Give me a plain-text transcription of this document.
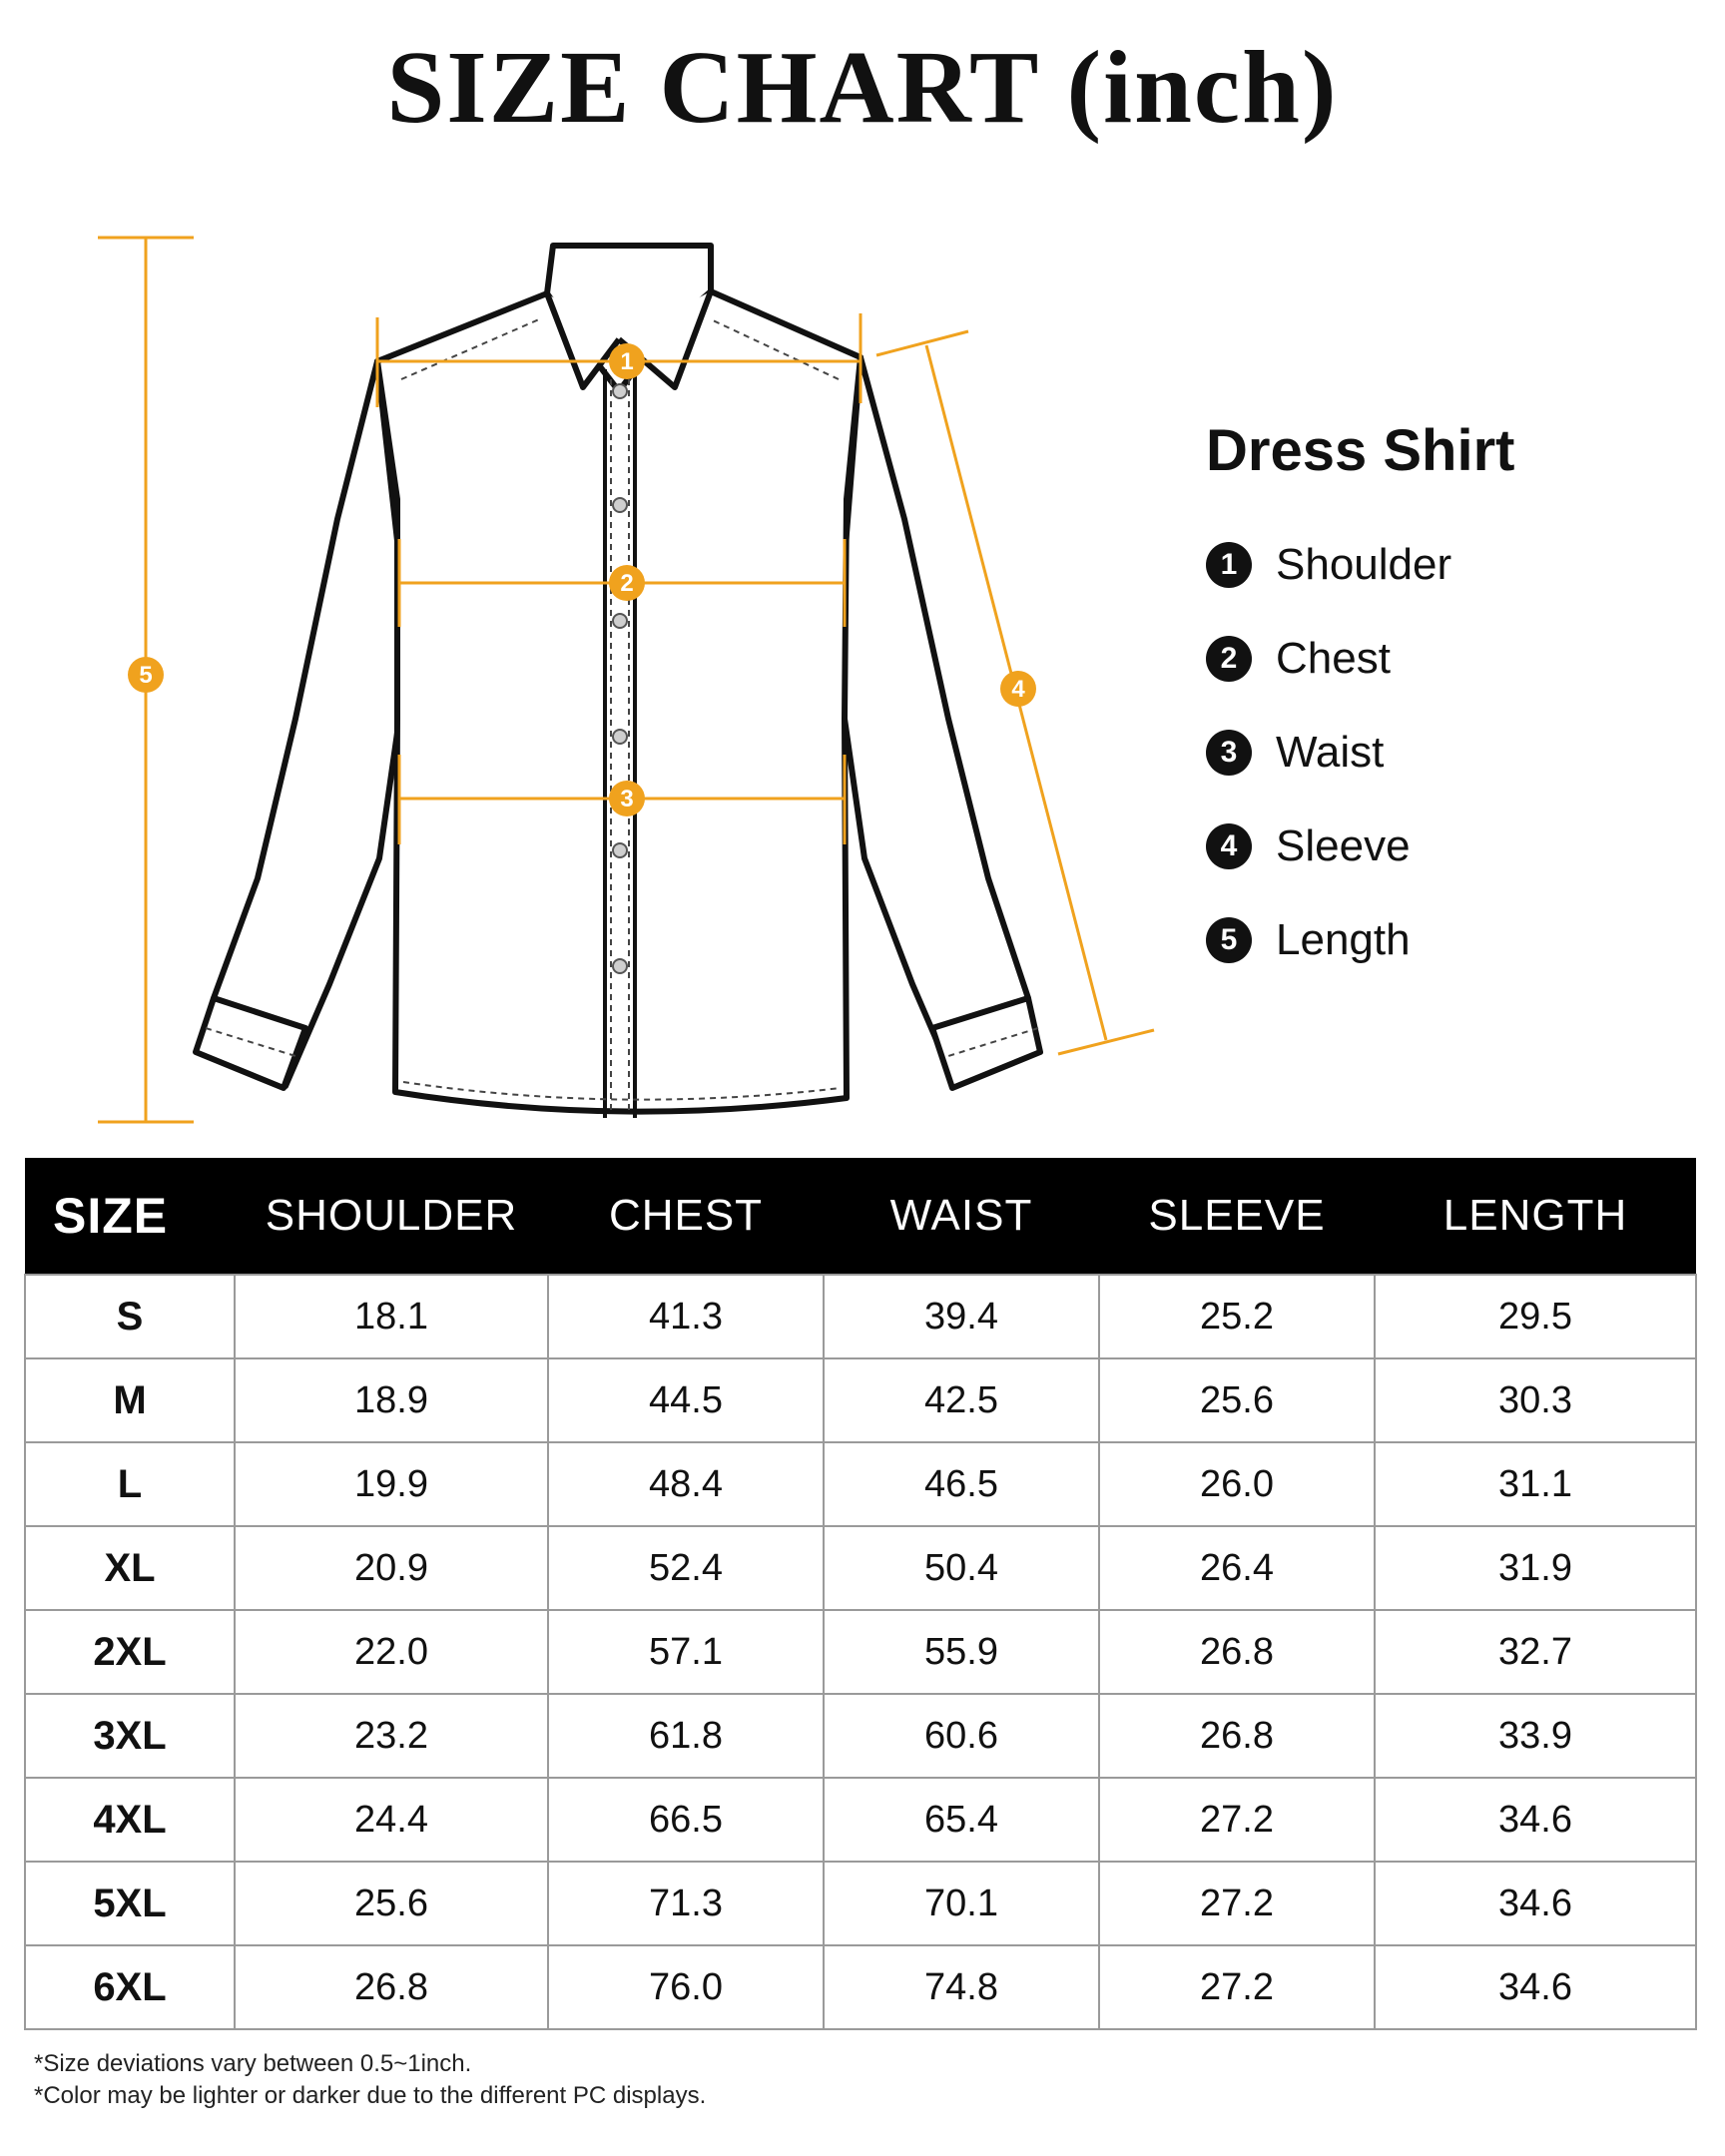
SIZE CHART (inch)
1
2
3
4
5
Dress Shirt
1 Shoulder
2 Chest
3 Waist
4 Sleeve
5 Length
SIZE	SHOULDER	CHEST	WAIST	SLEEVE	LENGTH
S	18.1	41.3	39.4	25.2	29.5
M	18.9	44.5	42.5	25.6	30.3
L	19.9	48.4	46.5	26.0	31.1
XL	20.9	52.4	50.4	26.4	31.9
2XL	22.0	57.1	55.9	26.8	32.7
3XL	23.2	61.8	60.6	26.8	33.9
4XL	24.4	66.5	65.4	27.2	34.6
5XL	25.6	71.3	70.1	27.2	34.6
6XL	26.8	76.0	74.8	27.2	34.6
*Size deviations vary between 0.5~1inch.
*Color may be lighter or darker due to the different PC displays.
